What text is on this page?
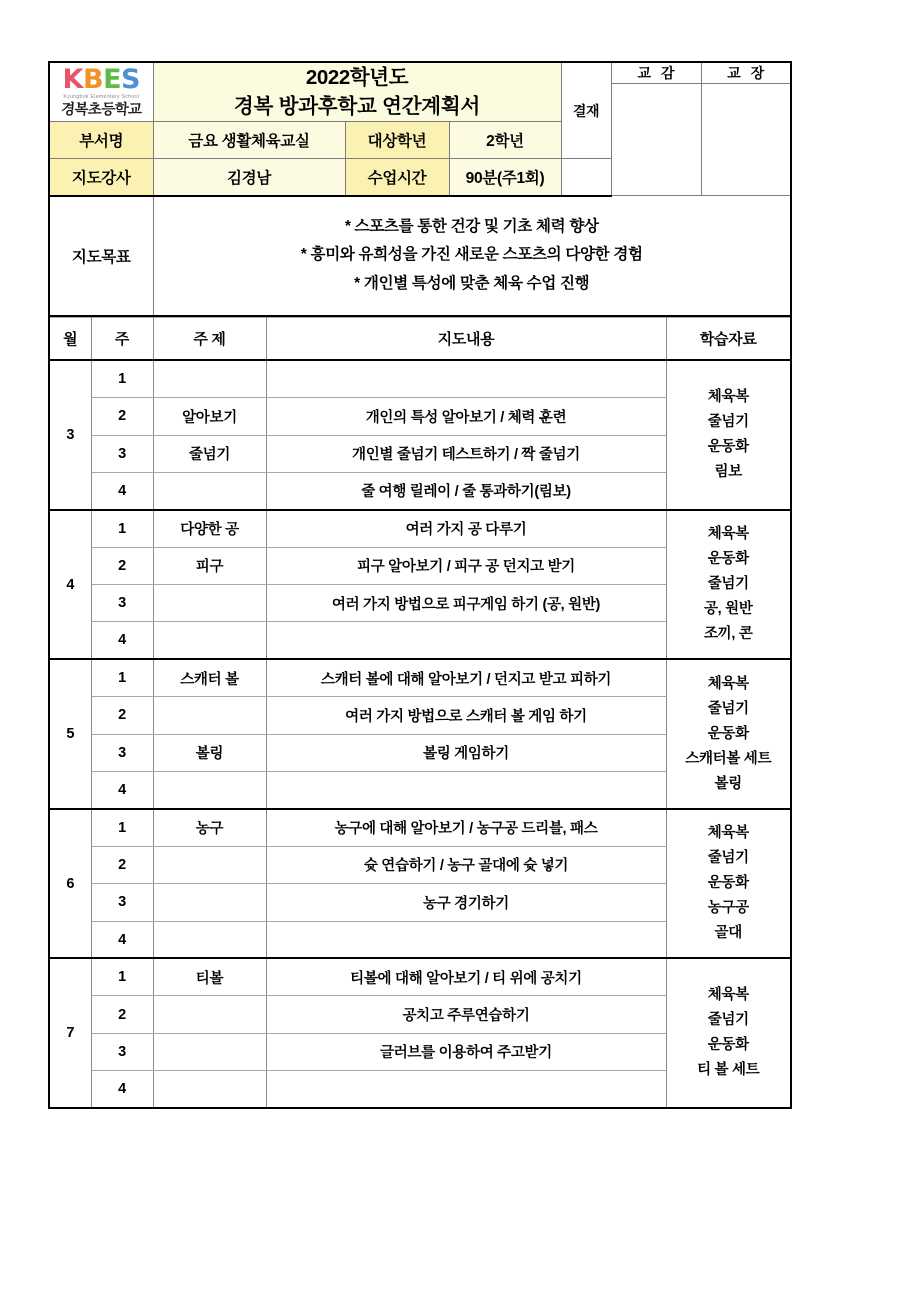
KBES
Kyungbok Elementary School
경복초등학교

2022학년도
경복 방과후학교 연간계획서	결재	교 감	교 장

부서명	금요 생활체육교실	대상학년	2학년			
지도강사	김경남	수업시간	90분(주1회)			
지도목표	* 스포츠를 통한 건강 및 기초 체력 향상
* 흥미와 유희성을 가진 새로운 스포츠의 다양한 경험
* 개인별 특성에 맞춘 체육 수업 진행					
월	주	주 제	지도내용	학습자료
3	1			체육복
줄넘기
운동화
림보

	2	알아보기	개인의 특성 알아보기 / 체력 훈련	
	3	줄넘기	개인별 줄넘기 테스트하기 / 짝 줄넘기	
	4		줄 여행 릴레이 / 줄 통과하기(림보)	
4	1	다양한 공	여러 가지 공 다루기	체육복
운동화
줄넘기
공, 원반
조끼, 콘

	2	피구	피구 알아보기 / 피구 공 던지고 받기	
	3		여러 가지 방법으로 피구게임 하기 (공, 원반)	
	4			
5	1	스캐터 볼	스캐터 볼에 대해 알아보기 / 던지고 받고 피하기	체육복
줄넘기
운동화
스캐터볼 세트
볼링

	2		여러 가지 방법으로 스캐터 볼 게임 하기	
	3	볼링	볼링 게임하기	
	4			
6	1	농구	농구에 대해 알아보기 / 농구공 드리블, 패스	체육복
줄넘기
운동화
농구공
골대

	2		슛 연습하기 / 농구 골대에 슛 넣기	
	3		농구 경기하기	
	4			
7	1	티볼	티볼에 대해 알아보기 / 티 위에 공치기	체육복
줄넘기
운동화
티 볼 세트

	2		공치고 주루연습하기	
	3		글러브를 이용하여 주고받기	
	4			
